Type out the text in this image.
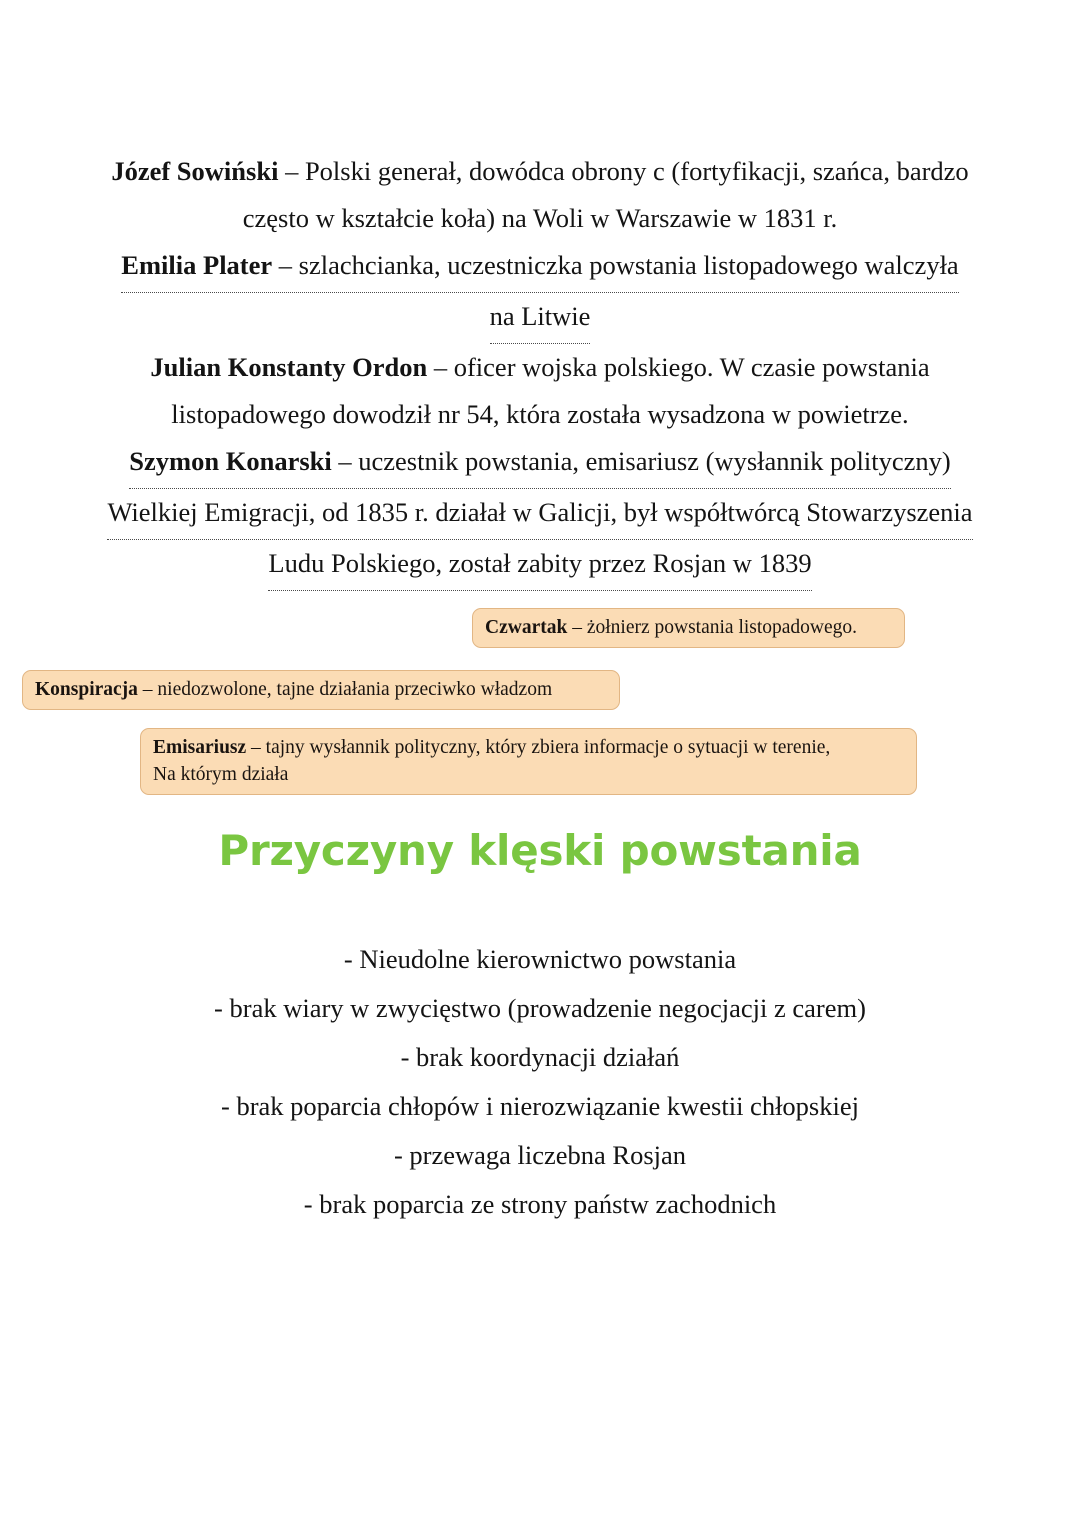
Józef Sowiński – Polski generał, dowódca obrony c (fortyfikacji, szańca, bardzo
często w kształcie koła) na Woli w Warszawie w 1831 r.
Emilia Plater – szlachcianka, uczestniczka powstania listopadowego walczyła
na Litwie
Julian Konstanty Ordon – oficer wojska polskiego. W czasie powstania
listopadowego dowodził nr 54, która została wysadzona w powietrze.
Szymon Konarski – uczestnik powstania, emisariusz (wysłannik polityczny)
Wielkiej Emigracji, od 1835 r. działał w Galicji, był współtwórcą Stowarzyszenia
Ludu Polskiego, został zabity przez Rosjan w 1839
Czwartak – żołnierz powstania listopadowego.
Konspiracja – niedozwolone, tajne działania przeciwko władzom
Emisariusz – tajny wysłannik polityczny, który zbiera informacje o sytuacji w terenie,
Na którym działa
Przyczyny klęski powstania
- Nieudolne kierownictwo powstania
- brak wiary w zwycięstwo (prowadzenie negocjacji z carem)
- brak koordynacji działań
- brak poparcia chłopów i nierozwiązanie kwestii chłopskiej
- przewaga liczebna Rosjan
- brak poparcia ze strony państw zachodnich
